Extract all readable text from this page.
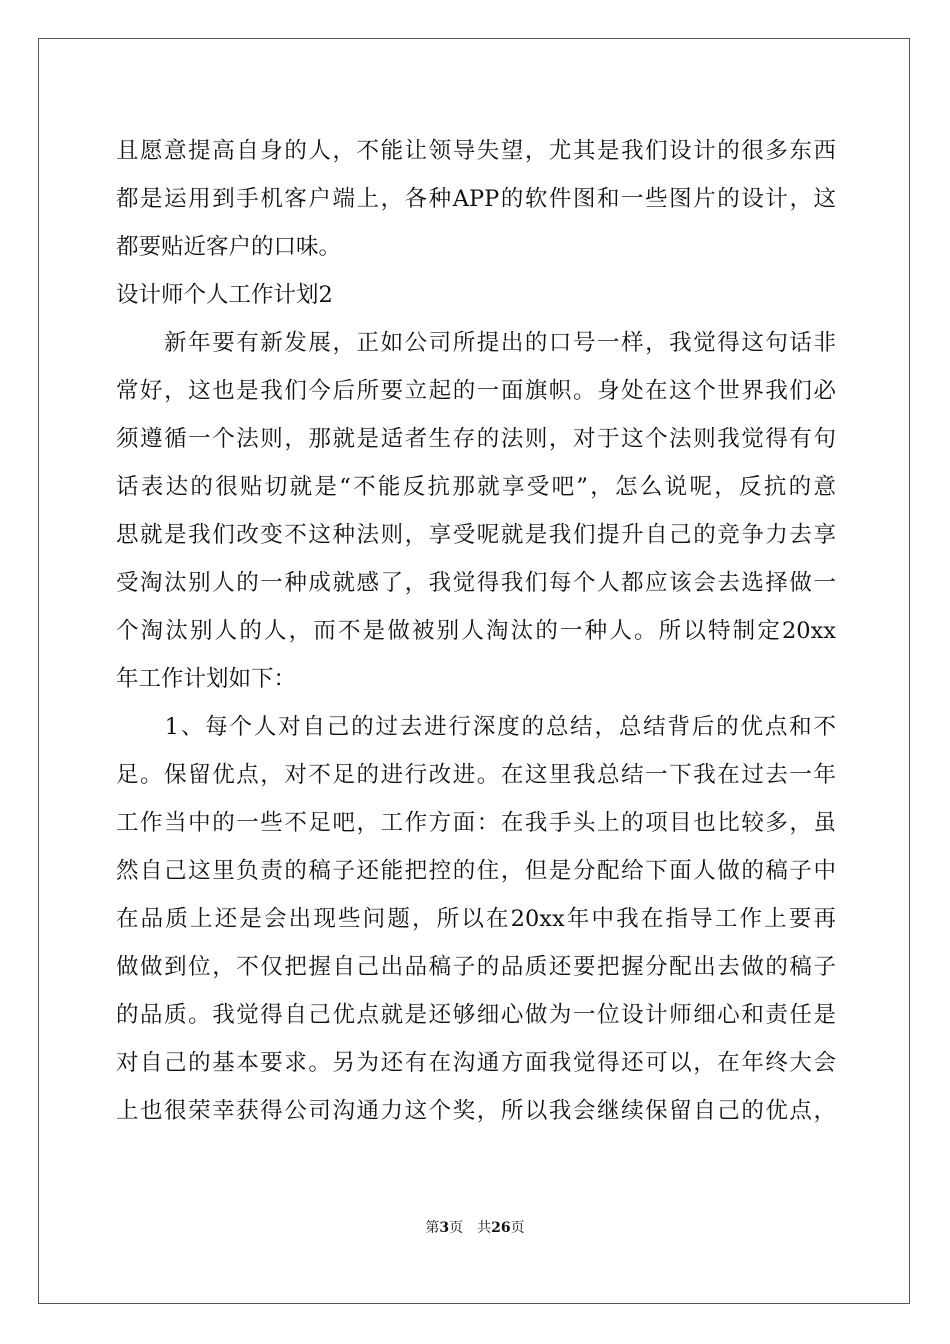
且愿意提高自身的人，不能让领导失望，尤其是我们设计的很多东西
都是运用到手机客户端上，各种APP的软件图和一些图片的设计，这
都要贴近客户的口味。
设计师个人工作计划2
　　新年要有新发展，正如公司所提出的口号一样，我觉得这句话非
常好，这也是我们今后所要立起的一面旗帜。身处在这个世界我们必
须遵循一个法则，那就是适者生存的法则，对于这个法则我觉得有句
话表达的很贴切就是“不能反抗那就享受吧”，怎么说呢，反抗的意
思就是我们改变不这种法则，享受呢就是我们提升自己的竞争力去享
受淘汰别人的一种成就感了，我觉得我们每个人都应该会去选择做一
个淘汰别人的人，而不是做被别人淘汰的一种人。所以特制定20xx
年工作计划如下：
　　1、每个人对自己的过去进行深度的总结，总结背后的优点和不
足。保留优点，对不足的进行改进。在这里我总结一下我在过去一年
工作当中的一些不足吧，工作方面：在我手头上的项目也比较多，虽
然自己这里负责的稿子还能把控的住，但是分配给下面人做的稿子中
在品质上还是会出现些问题，所以在20xx年中我在指导工作上要再
做做到位，不仅把握自己出品稿子的品质还要把握分配出去做的稿子
的品质。我觉得自己优点就是还够细心做为一位设计师细心和责任是
对自己的基本要求。另为还有在沟通方面我觉得还可以，在年终大会
上也很荣幸获得公司沟通力这个奖，所以我会继续保留自己的优点，
第3页　共26页
